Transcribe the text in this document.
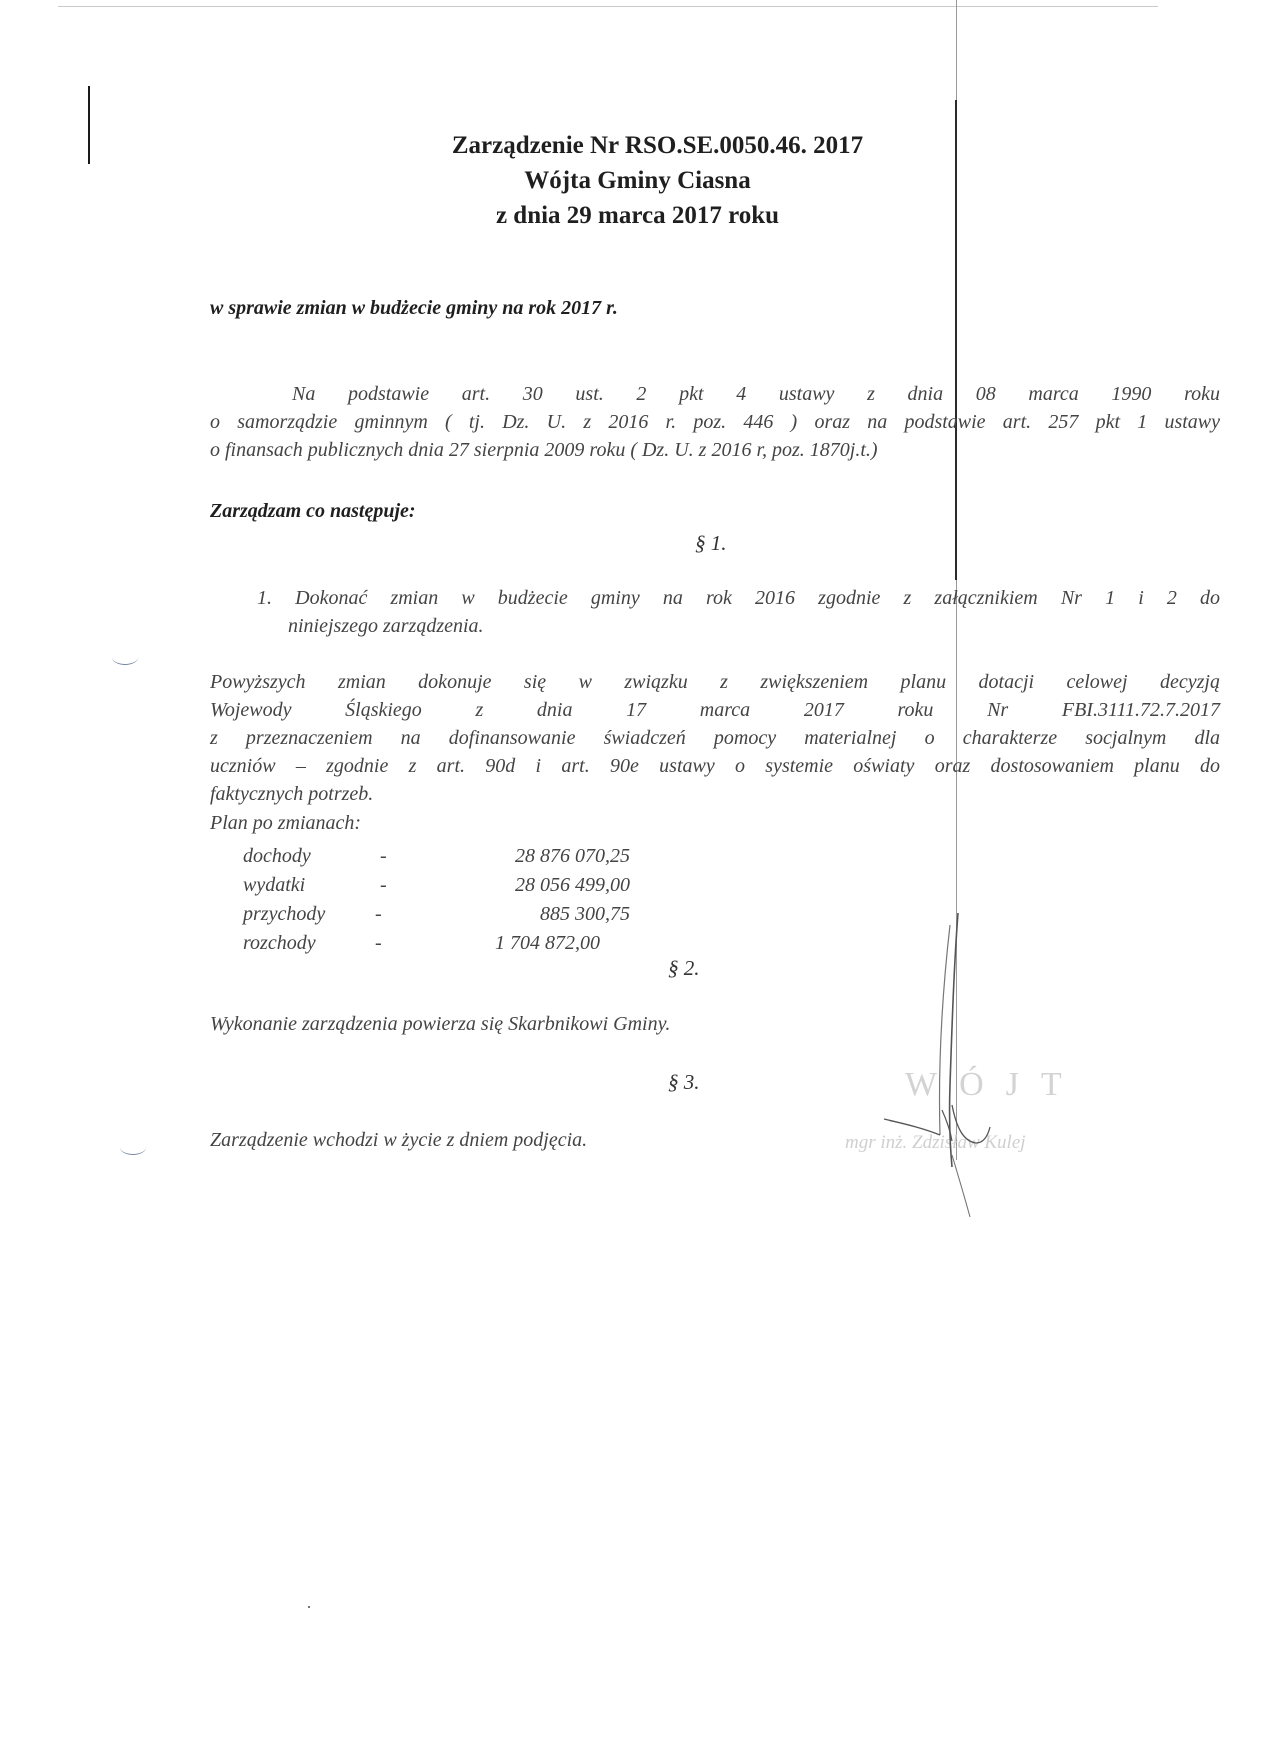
Zarządzenie Nr RSO.SE.0050.46. 2017
Wójta Gminy Ciasna
z dnia 29 marca 2017 roku
w sprawie zmian w budżecie gminy na rok 2017 r.
Na podstawie art. 30 ust. 2 pkt 4 ustawy z dnia 08 marca 1990 roku
o samorządzie gminnym ( tj. Dz. U. z 2016 r. poz. 446 ) oraz na podstawie art. 257 pkt 1 ustawy
o finansach publicznych dnia 27 sierpnia 2009 roku ( Dz. U. z 2016 r, poz. 1870j.t.)
Zarządzam co następuje:
§ 1.
1. Dokonać zmian w budżecie gminy na rok 2016 zgodnie z załącznikiem Nr 1 i 2 do
niniejszego zarządzenia.
Powyższych zmian dokonuje się w związku z zwiększeniem planu dotacji celowej decyzją
Wojewody Śląskiego z dnia 17 marca 2017 roku Nr FBI.3111.72.7.2017
z przeznaczeniem na dofinansowanie świadczeń pomocy materialnej o charakterze socjalnym dla
uczniów – zgodnie z art. 90d i art. 90e ustawy o systemie oświaty oraz dostosowaniem planu do
faktycznych potrzeb.
Plan po zmianach:
dochody	-	28 876 070,25
wydatki	-	28 056 499,00
przychody -	885 300,75
rozchody	-	1 704 872,00
§ 2.
Wykonanie zarządzenia powierza się Skarbnikowi Gminy.
§ 3.
Zarządzenie wchodzi w życie z dniem podjęcia.
WÓJT
mgr inż. Zdzisław Kulej
